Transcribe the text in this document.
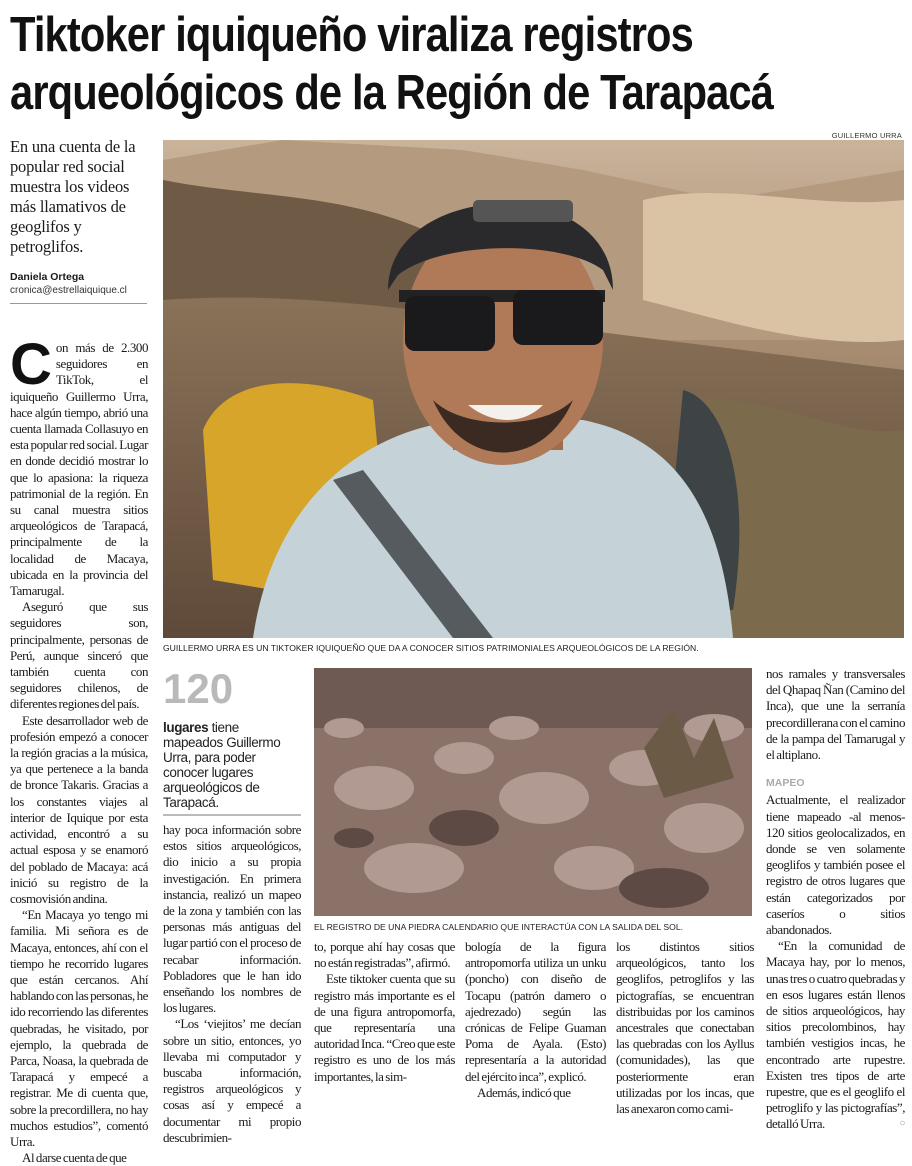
Tiktoker iquiqueño viraliza registros
arqueológicos de la Región de Tarapacá
En una cuenta de la popular red social muestra los videos más llamativos de geoglifos y petroglifos.
Daniela Ortega
cronica@estrellaiquique.cl
GUILLERMO URRA
GUILLERMO URRA ES UN TIKTOKER IQUIQUEÑO QUE DA A CONOCER SITIOS PATRIMONIALES ARQUEOLÓGICOS DE LA REGIÓN.
EL REGISTRO DE UNA PIEDRA CALENDARIO QUE INTERACTÚA CON LA SALIDA DEL SOL.

Con más de 2.300 seguidores en TikTok, el iquiqueño Guillermo Urra, hace algún tiempo, abrió una cuenta llamada Collasuyo en esta popular red social. Lugar en donde decidió mostrar lo que lo apasiona: la riqueza patrimonial de la región. En su canal muestra sitios arqueológicos de Tarapacá, principalmente de la localidad de Macaya, ubicada en la provincia del Tamarugal.

Aseguró que sus seguidores son, principalmente, personas de Perú, aunque sinceró que también cuenta con seguidores chilenos, de diferentes regiones del país.

Este desarrollador web de profesión empezó a conocer la región gracias a la música, ya que pertenece a la banda de bronce Takaris. Gracias a los constantes viajes al interior de Iquique por esta actividad, encontró a su actual esposa y se enamoró del poblado de Macaya: acá inició su registro de la cosmovisión andina.

“En Macaya yo tengo mi familia. Mi señora es de Macaya, entonces, ahí con el tiempo he recorrido lugares que están cercanos. Ahí hablando con las personas, he ido recorriendo las diferentes quebradas, he visitado, por ejemplo, la quebrada de Parca, Noasa, la quebrada de Tarapacá y empecé a registrar. Me di cuenta que, sobre la precordillera, no hay muchos estudios”, comentó Urra.

Al darse cuenta de que

120
lugares tiene mapeados Guillermo Urra, para poder conocer lugares arqueológicos de Tarapacá.

hay poca información sobre estos sitios arqueológicos, dio inicio a su propia investigación. En primera instancia, realizó un mapeo de la zona y también con las personas más antiguas del lugar partió con el proceso de recabar información. Pobladores que le han ido enseñando los nombres de los lugares.

“Los ‘viejitos’ me decían sobre un sitio, entonces, yo llevaba mi computador y buscaba información, registros arqueológicos y cosas así y empecé a documentar mi propio descubrimien-

to, porque ahí hay cosas que no están registradas”, afirmó.

Este tiktoker cuenta que su registro más importante es el de una figura antropomorfa, que representaría una autoridad Inca. “Creo que este registro es uno de los más importantes, la sim-

bología de la figura antropomorfa utiliza un unku (poncho) con diseño de Tocapu (patrón damero o ajedrezado) según las crónicas de Felipe Guaman Poma de Ayala. (Esto) representaría a la autoridad del ejército inca”, explicó.

Además, indicó que

los distintos sitios arqueológicos, tanto los geoglifos, petroglifos y las pictografías, se encuentran distribuidas por los caminos ancestrales que conectaban las quebradas con los Ayllus (comunidades), las que posteriormente eran utilizadas por los incas, que las anexaron como cami-

nos ramales y transversales del Qhapaq Ñan (Camino del Inca), que une la serranía precordillerana con el camino de la pampa del Tamarugal y el altiplano.

MAPEO

Actualmente, el realizador tiene mapeado -al menos- 120 sitios geolocalizados, en donde se ven solamente geoglifos y también posee el registro de otros lugares que están categorizados por caseríos o sitios abandonados.

“En la comunidad de Macaya hay, por lo menos, unas tres o cuatro quebradas y en esos lugares están llenos de sitios arqueológicos, hay sitios precolombinos, hay también vestigios incas, he encontrado arte rupestre. Existen tres tipos de arte rupestre, que es el geoglifo el petroglifo y las pictografías”, detalló Urra.	○
